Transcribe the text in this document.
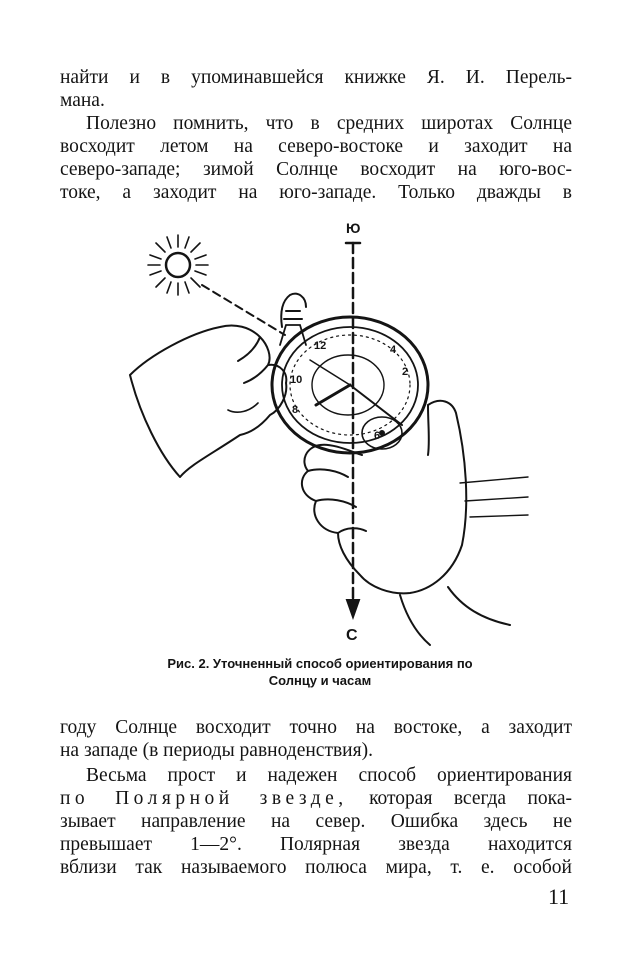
найти и в упоминавшейся книжке Я. И. Перель-
мана.

Полезно помнить, что в средних широтах Солнце
восходит летом на северо-востоке и заходит на
северо-западе; зимой Солнце восходит на юго-вос-
токе, а заходит на юго-западе. Только дважды в

Ю
С
12
6
4
2
8
10
Рис. 2. Уточненный способ ориентирования по
Солнцу и часам

году Солнце восходит точно на востоке, а заходит
на западе (в периоды равноденствия).

Весьма прост и надежен способ ориентирования
по Полярной звезде, которая всегда пока-
зывает направление на север. Ошибка здесь не
превышает 1—2°. Полярная звезда находится
вблизи так называемого полюса мира, т. е. особой

11
